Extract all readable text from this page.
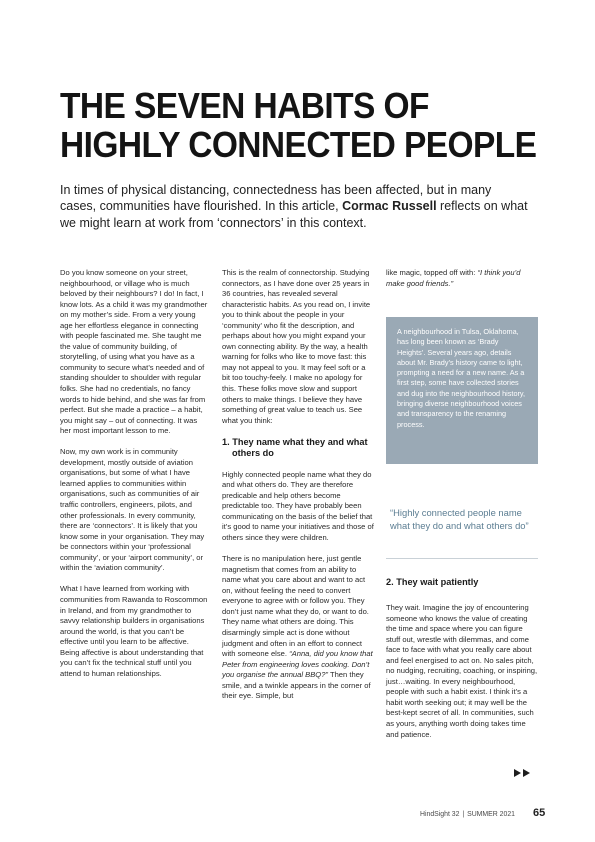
THE SEVEN HABITS OF
HIGHLY CONNECTED PEOPLE

In times of physical distancing, connectedness has been affected, but in many cases, communities have flourished. In this article, Cormac Russell reflects on what we might learn at work from ‘connectors’ in this context.

Do you know someone on your street, neighbourhood, or village who is much beloved by their neighbours? I do! In fact, I know lots. As a child it was my grandmother on my mother’s side. From a very young age her effortless elegance in connecting with people fascinated me. She taught me the value of community building, of storytelling, of using what you have as a community to secure what’s needed and of standing shoulder to shoulder with regular folks. She had no credentials, no fancy words to hide behind, and she was far from perfect. But she made a practice – a habit, you might say – out of connecting. It was her most important lesson to me.

Now, my own work is in community development, mostly outside of aviation organisations, but some of what I have learned applies to communities within organisations, such as communities of air traffic controllers, engineers, pilots, and other professionals. In every community, there are ‘connectors’. It is likely that you know some in your organisation. They may be connectors within your ‘professional community’, or your ‘airport community’, or within the ‘aviation community’.

What I have learned from working with communities from Rawanda to Roscommon in Ireland, and from my grandmother to savvy relationship builders in organisations around the world, is that you can’t be effective until you learn to be affective. Being affective is about understanding that you can’t fix the technical stuff until you attend to human relationships.

This is the realm of connectorship. Studying connectors, as I have done over 25 years in 36 countries, has revealed several characteristic habits. As you read on, I invite you to think about the people in your ‘community’ who fit the description, and perhaps about how you might expand your own connecting ability. By the way, a health warning for folks who like to move fast: this may not appeal to you. It may feel soft or a bit too touchy-feely. I make no apology for this. These folks move slow and support others to make things. I believe they have something of great value to teach us. See what you think:

1. They name what they and what others do

Highly connected people name what they do and what others do. They are therefore predicable and help others become predictable too. They have probably been communicating on the basis of the belief that it’s good to name your initiatives and those of others since they were children.

There is no manipulation here, just gentle magnetism that comes from an ability to name what you care about and want to act on, without feeling the need to convert everyone to agree with or follow you. They don’t just name what they do, or want to do. They name what others are doing. This disarmingly simple act is done without judgment and often in an effort to connect with someone else. “Anna, did you know that Peter from engineering loves cooking. Don’t you organise the annual BBQ?” Then they smile, and a twinkle appears in the corner of their eye. Simple, but

like magic, topped off with: “I think you’d make good friends.”

A neighbourhood in Tulsa, Oklahoma, has long been known as ‘Brady Heights’. Several years ago, details about Mr. Brady’s history came to light, prompting a need for a new name. As a first step, some have collected stories and dug into the neighbourhood history, bringing diverse neighbourhood voices and transparency to the renaming process.
“Highly connected people name what they do and what others do”
2. They wait patiently

They wait. Imagine the joy of encountering someone who knows the value of creating the time and space where you can figure stuff out, wrestle with dilemmas, and come face to face with what you really care about and feel energised to act on. No sales pitch, no nudging, recruiting, coaching, or inspiring, just…waiting. In every neighbourhood, people with such a habit exist. I think it’s a habit worth seeking out; it may well be the best-kept secret of all. In communities, such as yours, anything worth doing takes time and patience.

HindSight 32 | SUMMER 2021 65
